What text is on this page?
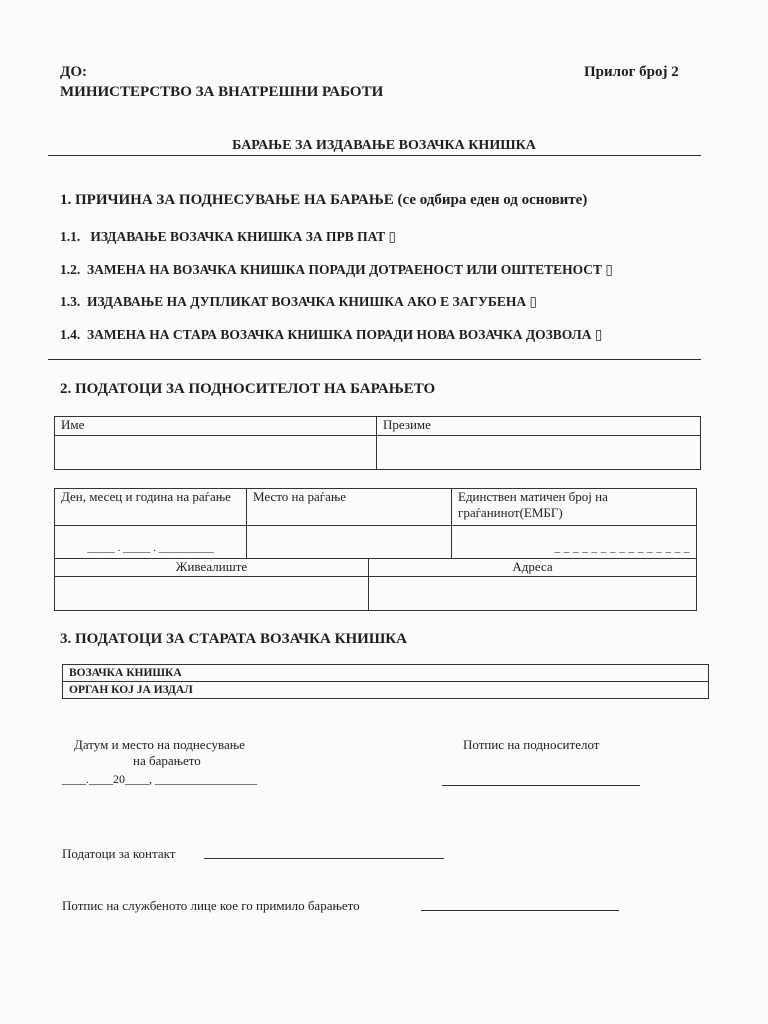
ДО:
МИНИСТЕРСТВО ЗА ВНАТРЕШНИ РАБОТИ
Прилог број 2
БАРАЊЕ ЗА ИЗДАВАЊЕ ВОЗАЧКА КНИШКА
1. ПРИЧИНА ЗА ПОДНЕСУВАЊЕ НА БАРАЊЕ (се одбира еден од основите)
1.1. ИЗДАВАЊЕ ВОЗАЧКА КНИШКА ЗА ПРВ ПАТ ▯
1.2. ЗАМЕНА НА ВОЗАЧКА КНИШКА ПОРАДИ ДОТРАЕНОСТ ИЛИ ОШТЕТЕНОСТ ▯
1.3. ИЗДАВАЊЕ НА ДУПЛИКАТ ВОЗАЧКА КНИШКА АКО Е ЗАГУБЕНА ▯
1.4. ЗАМЕНА НА СТАРА ВОЗАЧКА КНИШКА ПОРАДИ НОВА ВОЗАЧКА ДОЗВОЛА ▯
2. ПОДАТОЦИ ЗА ПОДНОСИТЕЛОТ НА БАРАЊЕТО
Име	Презиме

Ден, месец и година на раѓање	Место на раѓање	Единствен матичен број на граѓанинот(ЕМБГ)
_____ . _____ . __________		_ _ _ _ _ _ _ _ _ _ _ _ _ _ _
Живеалиште	Адреса

3. ПОДАТОЦИ ЗА СТАРАТА ВОЗАЧКА КНИШКА
ВОЗАЧКА КНИШКА
ОРГАН КОЈ ЈА ИЗДАЛ
Датум и место на поднесување
на барањето
____.____20____, _________________
Потпис на подносителот
Податоци за контакт
Потпис на службеното лице кое го примило барањето
